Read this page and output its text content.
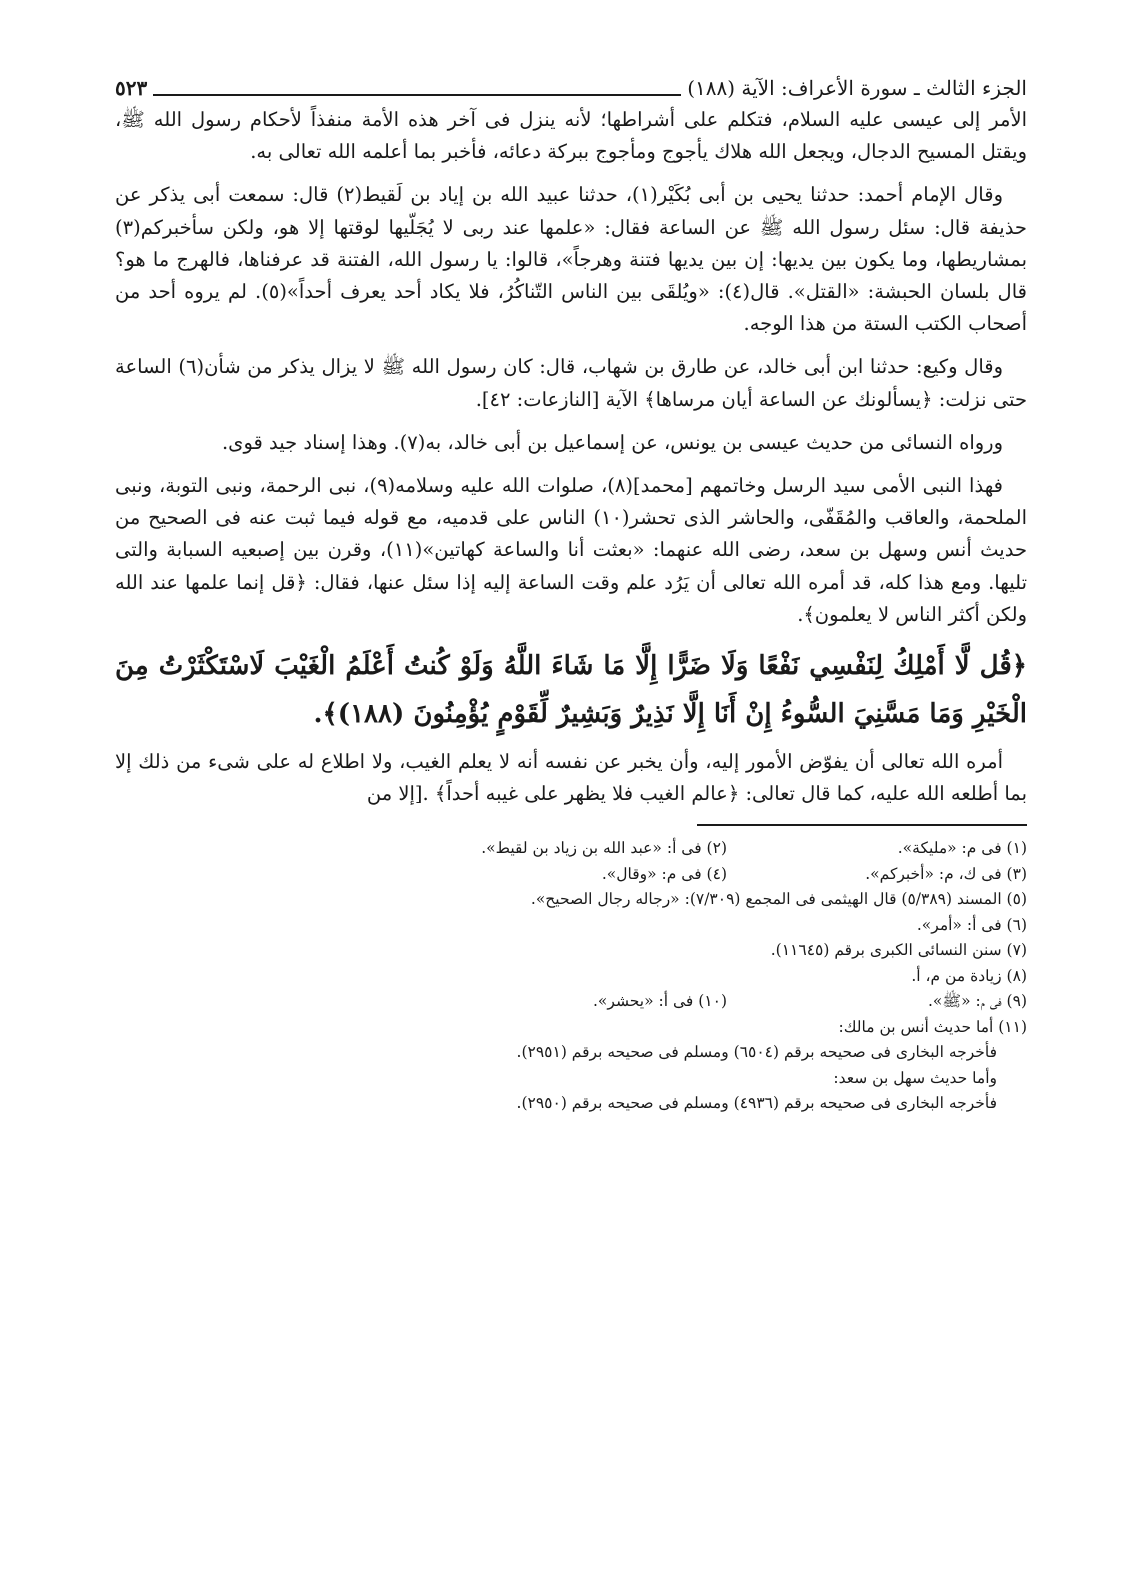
الجزء الثالث ـ سورة الأعراف: الآية (١٨٨)
٥٢٣

الأمر إلى عيسى عليه السلام، فتكلم على أشراطها؛ لأنه ينزل فى آخر هذه الأمة منفذاً لأحكام رسول الله ﷺ، ويقتل المسيح الدجال، ويجعل الله هلاك يأجوج ومأجوج ببركة دعائه، فأخبر بما أعلمه الله تعالى به.

وقال الإمام أحمد: حدثنا يحيى بن أبى بُكَيْر(١)، حدثنا عبيد الله بن إياد بن لَقيط(٢) قال: سمعت أبى يذكر عن حذيفة قال: سئل رسول الله ﷺ عن الساعة فقال: «علمها عند ربى لا يُجَلّيها لوقتها إلا هو، ولكن سأخبركم(٣) بمشاريطها، وما يكون بين يديها: إن بين يديها فتنة وهرجاً»، قالوا: يا رسول الله، الفتنة قد عرفناها، فالهرج ما هو؟ قال بلسان الحبشة: «القتل». قال(٤): «ويُلقَى بين الناس التّناكُرُ، فلا يكاد أحد يعرف أحداً»(٥). لم يروه أحد من أصحاب الكتب الستة من هذا الوجه.

وقال وكيع: حدثنا ابن أبى خالد، عن طارق بن شهاب، قال: كان رسول الله ﷺ لا يزال يذكر من شأن(٦) الساعة حتى نزلت: ﴿يسألونك عن الساعة أيان مرساها﴾ الآية [النازعات: ٤٢].

ورواه النسائى من حديث عيسى بن يونس، عن إسماعيل بن أبى خالد، به(٧). وهذا إسناد جيد قوى.

فهذا النبى الأمى سيد الرسل وخاتمهم [محمد](٨)، صلوات الله عليه وسلامه(٩)، نبى الرحمة، ونبى التوبة، ونبى الملحمة، والعاقب والمُقَفّى، والحاشر الذى تحشر(١٠) الناس على قدميه، مع قوله فيما ثبت عنه فى الصحيح من حديث أنس وسهل بن سعد، رضى الله عنهما: «بعثت أنا والساعة كهاتين»(١١)، وقرن بين إصبعيه السبابة والتى تليها. ومع هذا كله، قد أمره الله تعالى أن يَرُد علم وقت الساعة إليه إذا سئل عنها، فقال: ﴿قل إنما علمها عند الله ولكن أكثر الناس لا يعلمون﴾.

﴿قُل لَّا أَمْلِكُ لِنَفْسِي نَفْعًا وَلَا ضَرًّا إِلَّا مَا شَاءَ اللَّهُ وَلَوْ كُنتُ أَعْلَمُ الْغَيْبَ لَاسْتَكْثَرْتُ مِنَ الْخَيْرِ وَمَا مَسَّنِيَ السُّوءُ إِنْ أَنَا إِلَّا نَذِيرٌ وَبَشِيرٌ لِّقَوْمٍ يُؤْمِنُونَ (١٨٨)﴾.

أمره الله تعالى أن يفوّض الأمور إليه، وأن يخبر عن نفسه أنه لا يعلم الغيب، ولا اطلاع له على شىء من ذلك إلا بما أطلعه الله عليه، كما قال تعالى: ﴿عالم الغيب فلا يظهر على غيبه أحداً﴾ .[إلا من

(١) فى م: «مليكة».
(٢) فى أ: «عبد الله بن زياد بن لقيط».
(٣) فى ك، م: «أخبركم».
(٤) فى م: «وقال».
(٥) المسند (٥/٣٨٩) قال الهيثمى فى المجمع (٧/٣٠٩): «رجاله رجال الصحيح».
(٦) فى أ: «أمر».
(٧) سنن النسائى الكبرى برقم (١١٦٤٥).
(٨) زيادة من م، أ.
(٩) فى م: «ﷺ».
(١٠) فى أ: «يحشر».
(١١) أما حديث أنس بن مالك:
فأخرجه البخارى فى صحيحه برقم (٦٥٠٤) ومسلم فى صحيحه برقم (٢٩٥١).
وأما حديث سهل بن سعد:
فأخرجه البخارى فى صحيحه برقم (٤٩٣٦) ومسلم فى صحيحه برقم (٢٩٥٠).
